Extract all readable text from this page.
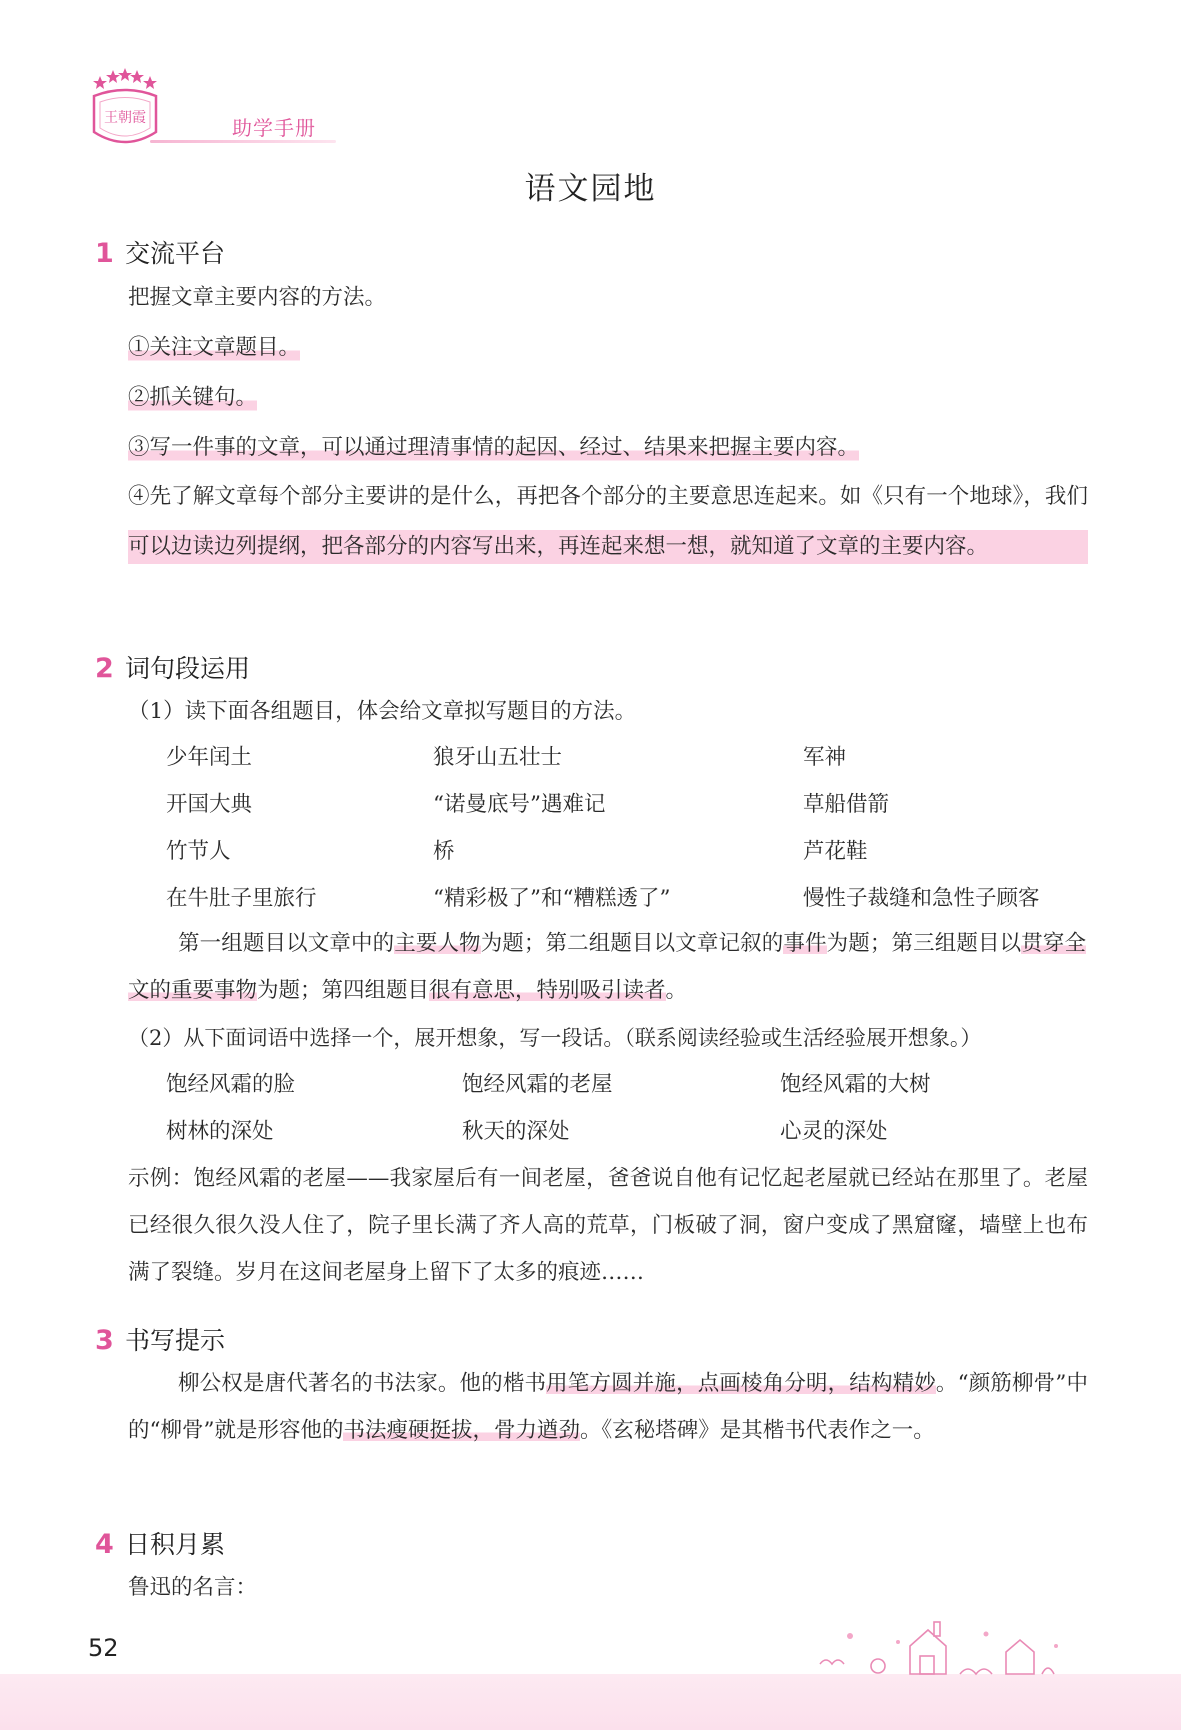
王朝霞	助学手册
语文园地
1 交流平台
把握文章主要内容的方法。
①关注文章题目。
②抓关键句。
③写一件事的文章，可以通过理清事情的起因、经过、结果来把握主要内容。
④先了解文章每个部分主要讲的是什么，再把各个部分的主要意思连起来。如《只有一个地球》，我们可以边读边列提纲，把各部分的内容写出来，再连起来想一想，就知道了文章的主要内容。
2 词句段运用
（1）读下面各组题目，体会给文章拟写题目的方法。
少年闰土	狼牙山五壮士	军神
开国大典	“诺曼底号”遇难记	草船借箭
竹节人	桥	芦花鞋
在牛肚子里旅行	“精彩极了”和“糟糕透了”	慢性子裁缝和急性子顾客
第一组题目以文章中的主要人物为题；第二组题目以文章记叙的事件为题；第三组题目以贯穿全文的重要事物为题；第四组题目很有意思，特别吸引读者。
（2）从下面词语中选择一个，展开想象，写一段话。（联系阅读经验或生活经验展开想象。）
饱经风霜的脸	饱经风霜的老屋	饱经风霜的大树
树林的深处	秋天的深处	心灵的深处
示例：饱经风霜的老屋——我家屋后有一间老屋，爸爸说自他有记忆起老屋就已经站在那里了。老屋已经很久很久没人住了，院子里长满了齐人高的荒草，门板破了洞，窗户变成了黑窟窿，墙壁上也布满了裂缝。岁月在这间老屋身上留下了太多的痕迹……
3 书写提示
柳公权是唐代著名的书法家。他的楷书用笔方圆并施，点画棱角分明，结构精妙。“颜筋柳骨”中的“柳骨”就是形容他的书法瘦硬挺拔，骨力遒劲。《玄秘塔碑》是其楷书代表作之一。
4 日积月累
鲁迅的名言：
52
